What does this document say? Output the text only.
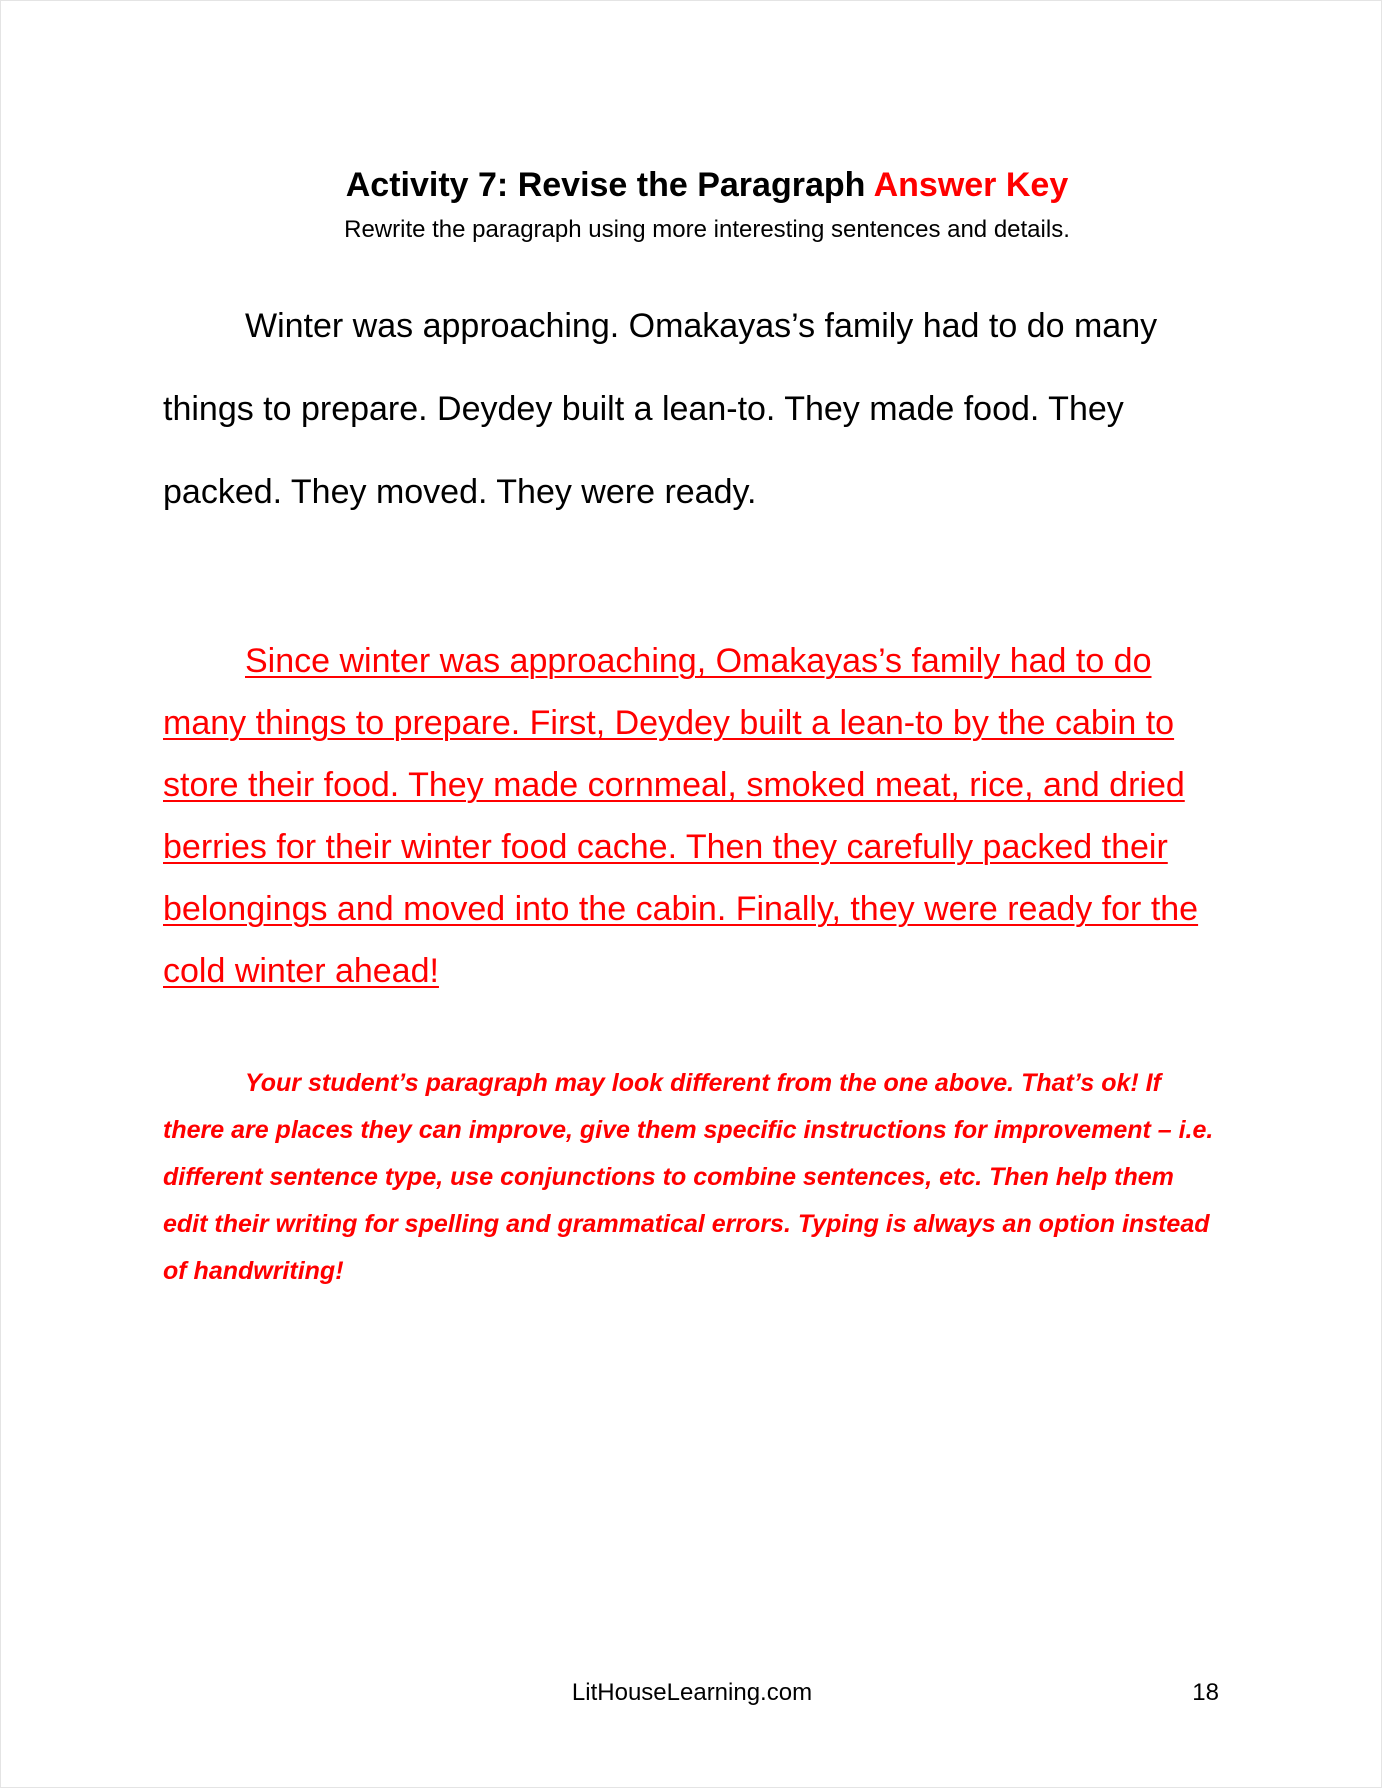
Activity 7: Revise the Paragraph Answer Key

Rewrite the paragraph using more interesting sentences and details.

Winter was approaching. Omakayas’s family had to do many things to prepare. Deydey built a lean-to. They made food. They packed. They moved. They were ready.

Since winter was approaching, Omakayas’s family had to do many things to prepare. First, Deydey built a lean-to by the cabin to store their food. They made cornmeal, smoked meat, rice, and dried berries for their winter food cache. Then they carefully packed their belongings and moved into the cabin. Finally, they were ready for the cold winter ahead!

Your student’s paragraph may look different from the one above. That’s ok! If there are places they can improve, give them specific instructions for improvement – i.e. different sentence type, use conjunctions to combine sentences, etc. Then help them edit their writing for spelling and grammatical errors. Typing is always an option instead of handwriting!

LitHouseLearning.com	18
